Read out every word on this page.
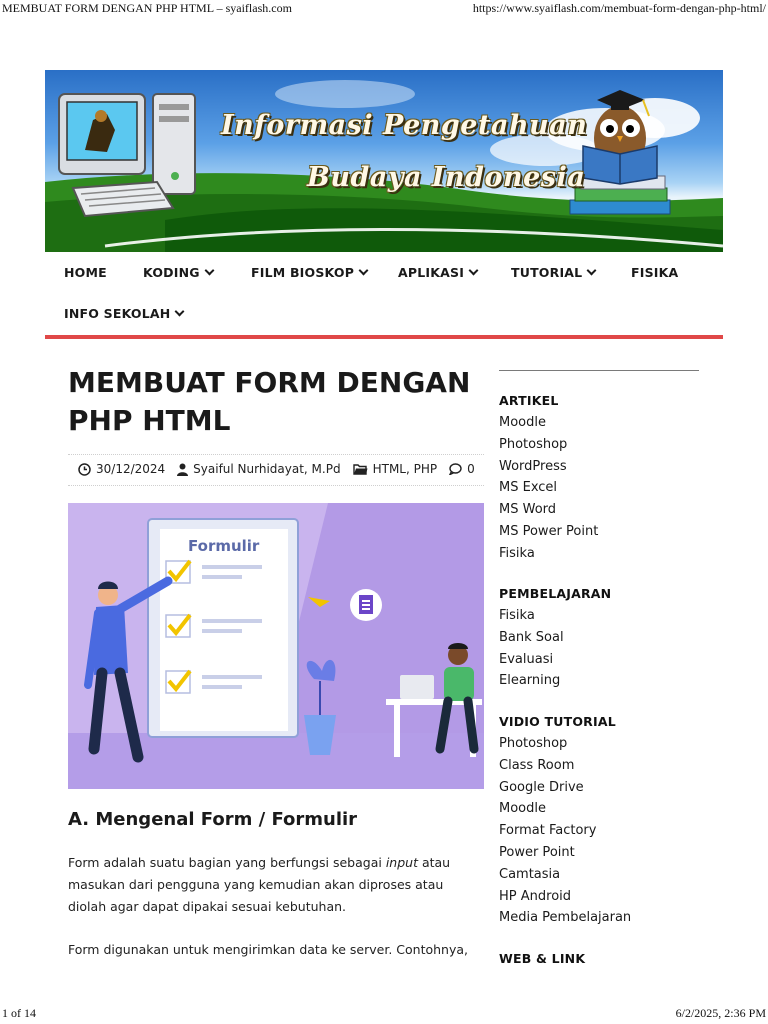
MEMBUAT FORM DENGAN PHP HTML – syaiflash.com	https://www.syaiflash.com/membuat-form-dengan-php-html/
Informasi Pengetahuan
Budaya Indonesia
HOME	KODING	FILM BIOSKOP	APLIKASI	TUTORIAL	FISIKA
INFO SEKOLAH
MEMBUAT FORM DENGAN PHP HTML
30/12/2024 Syaiful Nurhidayat, M.Pd	HTML, PHP	0
Formulir
A. Mengenal Form / Formulir

Form adalah suatu bagian yang berfungsi sebagai input atau masukan dari pengguna yang kemudian akan diproses atau diolah agar dapat dipakai sesuai kebutuhan.

Form digunakan untuk mengirimkan data ke server. Contohnya,

ARTIKEL
Moodle
Photoshop
WordPress
MS Excel
MS Word
MS Power Point
Fisika
PEMBELAJARAN
Fisika
Bank Soal
Evaluasi
Elearning
VIDIO TUTORIAL
Photoshop
Class Room
Google Drive
Moodle
Format Factory
Power Point
Camtasia
HP Android
Media Pembelajaran
WEB & LINK
1 of 14	6/2/2025, 2:36 PM
